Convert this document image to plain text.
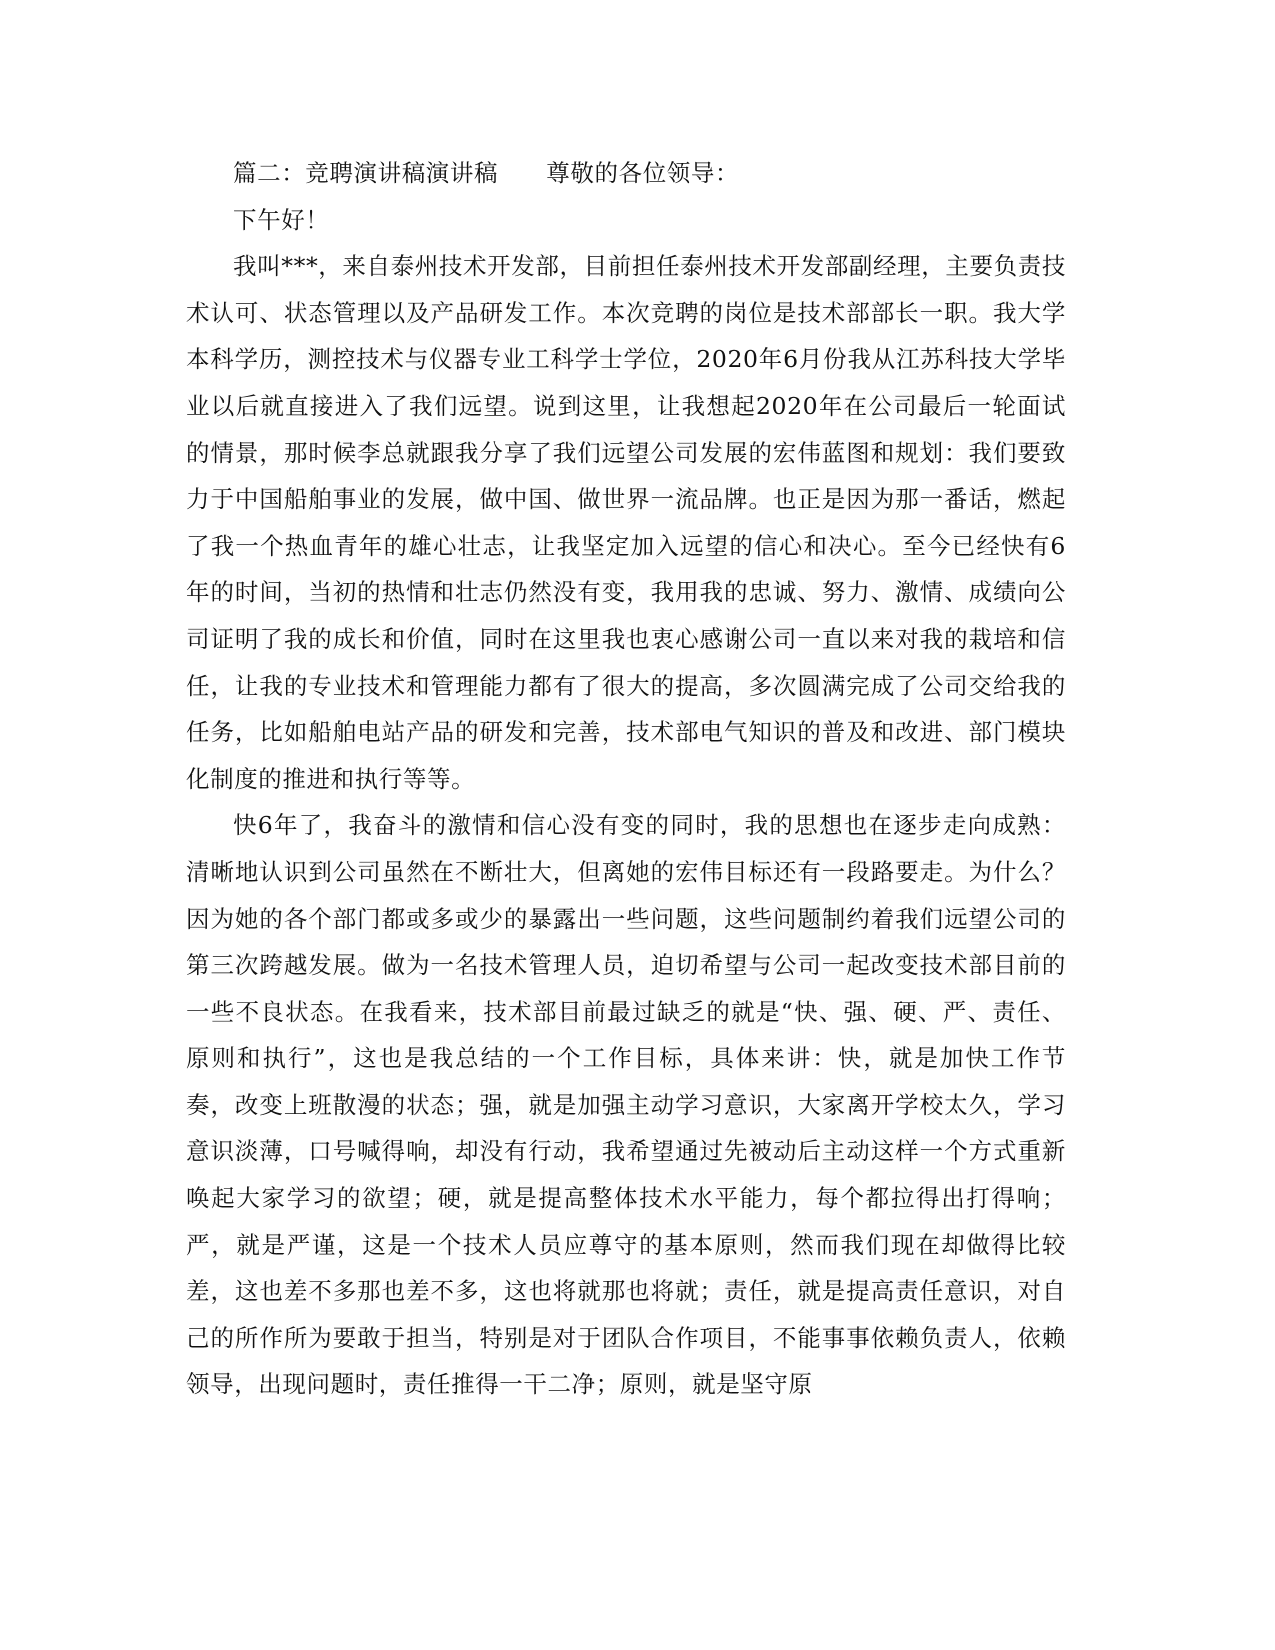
篇二：竞聘演讲稿演讲稿　　尊敬的各位领导：

下午好！

我叫***，来自泰州技术开发部，目前担任泰州技术开发部副经理，主要负责技术认可、状态管理以及产品研发工作。本次竞聘的岗位是技术部部长一职。我大学本科学历，测控技术与仪器专业工科学士学位，2020年6月份我从江苏科技大学毕业以后就直接进入了我们远望。说到这里，让我想起2020年在公司最后一轮面试的情景，那时候李总就跟我分享了我们远望公司发展的宏伟蓝图和规划：我们要致力于中国船舶事业的发展，做中国、做世界一流品牌。也正是因为那一番话，燃起了我一个热血青年的雄心壮志，让我坚定加入远望的信心和决心。至今已经快有6年的时间，当初的热情和壮志仍然没有变，我用我的忠诚、努力、激情、成绩向公司证明了我的成长和价值，同时在这里我也衷心感谢公司一直以来对我的栽培和信任，让我的专业技术和管理能力都有了很大的提高，多次圆满完成了公司交给我的任务，比如船舶电站产品的研发和完善，技术部电气知识的普及和改进、部门模块化制度的推进和执行等等。

快6年了，我奋斗的激情和信心没有变的同时，我的思想也在逐步走向成熟：清晰地认识到公司虽然在不断壮大，但离她的宏伟目标还有一段路要走。为什么？因为她的各个部门都或多或少的暴露出一些问题，这些问题制约着我们远望公司的第三次跨越发展。做为一名技术管理人员，迫切希望与公司一起改变技术部目前的一些不良状态。在我看来，技术部目前最过缺乏的就是“快、强、硬、严、责任、原则和执行”，这也是我总结的一个工作目标，具体来讲：快，就是加快工作节奏，改变上班散漫的状态；强，就是加强主动学习意识，大家离开学校太久，学习意识淡薄，口号喊得响，却没有行动，我希望通过先被动后主动这样一个方式重新唤起大家学习的欲望；硬，就是提高整体技术水平能力，每个都拉得出打得响；严，就是严谨，这是一个技术人员应尊守的基本原则，然而我们现在却做得比较差，这也差不多那也差不多，这也将就那也将就；责任，就是提高责任意识，对自己的所作所为要敢于担当，特别是对于团队合作项目，不能事事依赖负责人，依赖领导，出现问题时，责任推得一干二净；原则，就是坚守原
